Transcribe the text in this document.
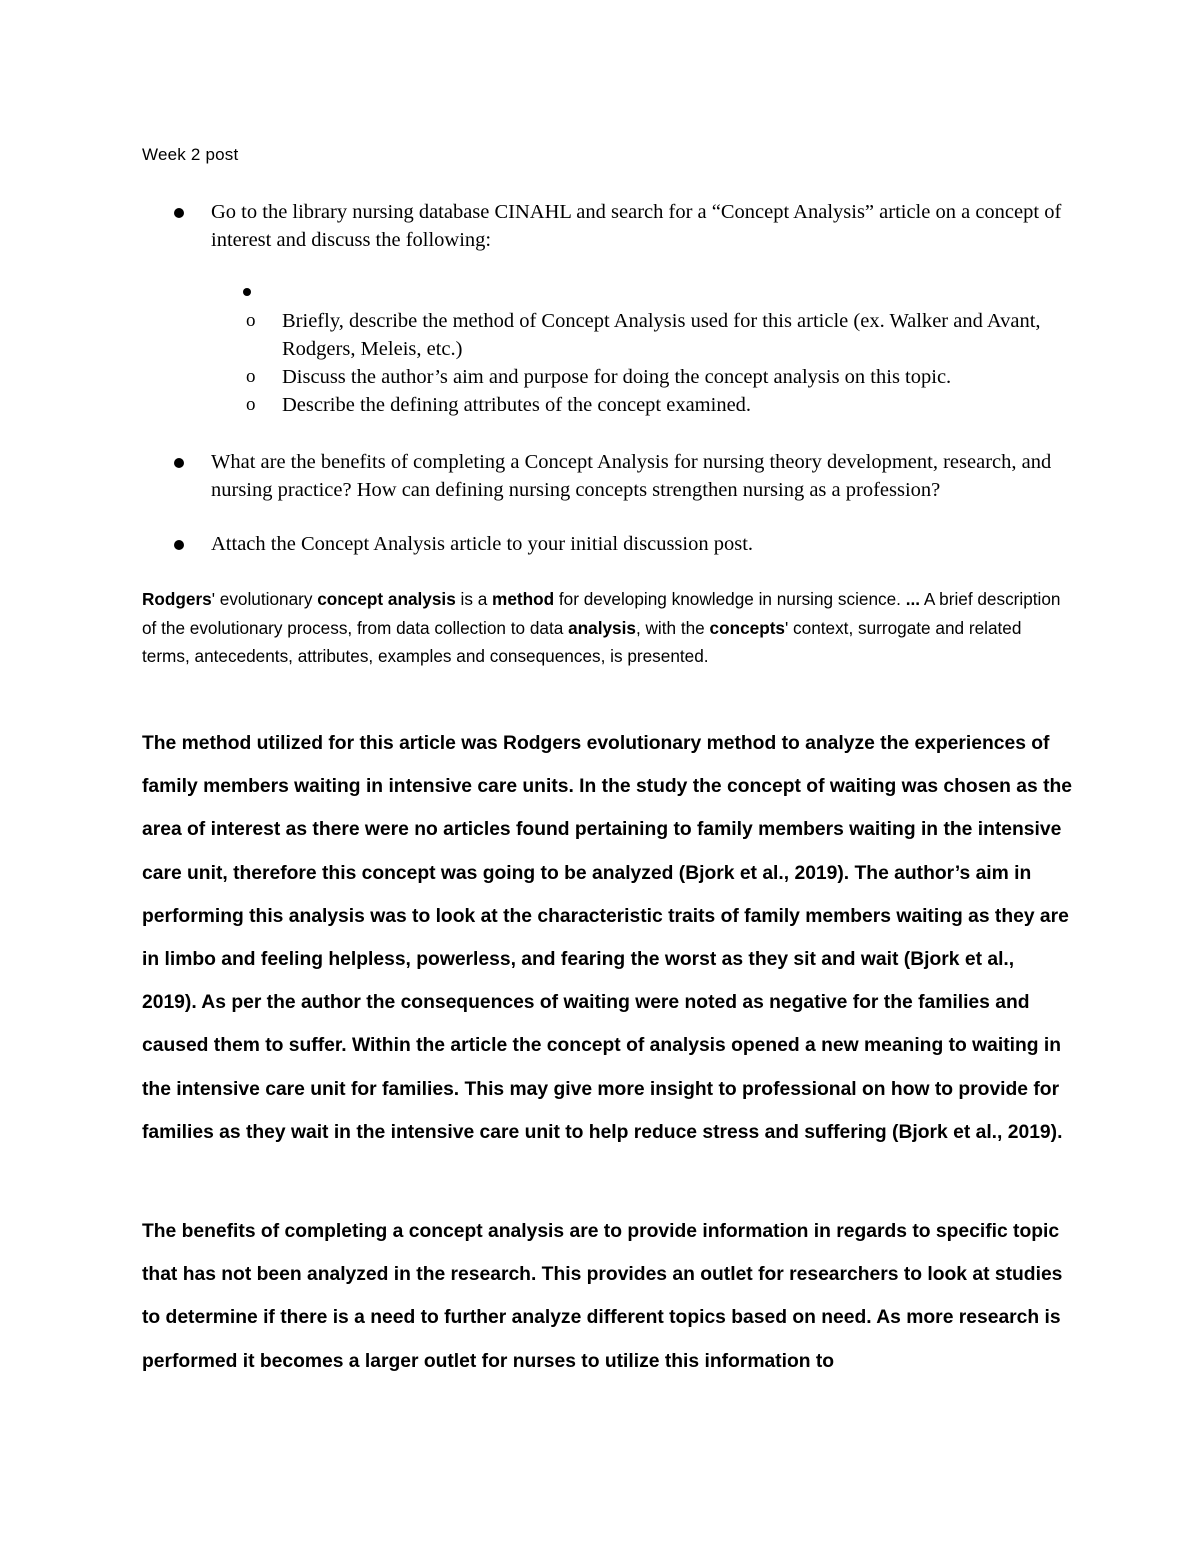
Week 2 post
Go to the library nursing database CINAHL and search for a “Concept Analysis” article on a concept of interest and discuss the following:
o Briefly, describe the method of Concept Analysis used for this article (ex. Walker and Avant, Rodgers, Meleis, etc.)
o Discuss the author’s aim and purpose for doing the concept analysis on this topic.
o Describe the defining attributes of the concept examined.
What are the benefits of completing a Concept Analysis for nursing theory development, research, and nursing practice? How can defining nursing concepts strengthen nursing as a profession?
Attach the Concept Analysis article to your initial discussion post.

Rodgers' evolutionary concept analysis is a method for developing knowledge in nursing science. ... A brief description of the evolutionary process, from data collection to data analysis, with the concepts' context, surrogate and related terms, antecedents, attributes, examples and consequences, is presented.

The method utilized for this article was Rodgers evolutionary method to analyze the experiences of family members waiting in intensive care units. In the study the concept of waiting was chosen as the area of interest as there were no articles found pertaining to family members waiting in the intensive care unit, therefore this concept was going to be analyzed (Bjork et al., 2019). The author’s aim in performing this analysis was to look at the characteristic traits of family members waiting as they are in limbo and feeling helpless, powerless, and fearing the worst as they sit and wait (Bjork et al., 2019). As per the author the consequences of waiting were noted as negative for the families and caused them to suffer. Within the article the concept of analysis opened a new meaning to waiting in the intensive care unit for families. This may give more insight to professional on how to provide for families as they wait in the intensive care unit to help reduce stress and suffering (Bjork et al., 2019).

The benefits of completing a concept analysis are to provide information in regards to specific topic that has not been analyzed in the research. This provides an outlet for researchers to look at studies to determine if there is a need to further analyze different topics based on need. As more research is performed it becomes a larger outlet for nurses to utilize this information to
